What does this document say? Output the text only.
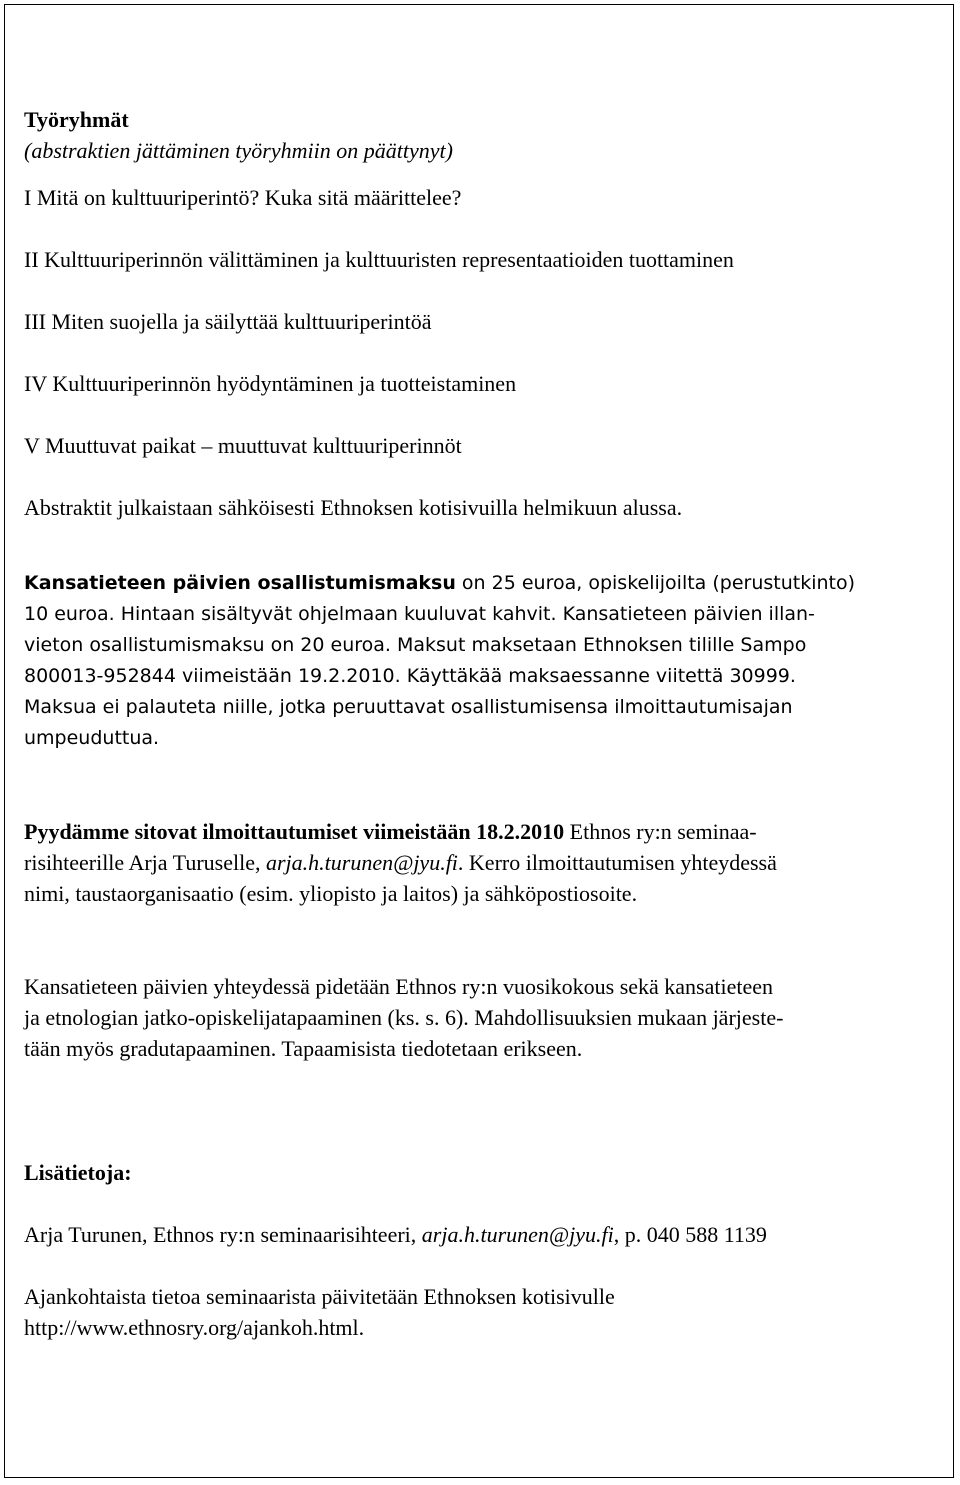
Työryhmät

(abstraktien jättäminen työryhmiin on päättynyt)

I Mitä on kulttuuriperintö? Kuka sitä määrittelee?

II Kulttuuriperinnön välittäminen ja kulttuuristen representaatioiden tuottaminen

III Miten suojella ja säilyttää kulttuuriperintöä

IV Kulttuuriperinnön hyödyntäminen ja tuotteistaminen

V Muuttuvat paikat – muuttuvat kulttuuriperinnöt

Abstraktit julkaistaan sähköisesti Ethnoksen kotisivuilla helmikuun alussa.

Kansatieteen päivien osallistumismaksu on 25 euroa, opiskelijoilta (perustutkinto)

10 euroa. Hintaan sisältyvät ohjelmaan kuuluvat kahvit. Kansatieteen päivien illan-

vieton osallistumismaksu on 20 euroa. Maksut maksetaan Ethnoksen tilille Sampo

800013-952844 viimeistään 19.2.2010. Käyttäkää maksaessanne viitettä 30999.

Maksua ei palauteta niille, jotka peruuttavat osallistumisensa ilmoittautumisajan

umpeuduttua.

Pyydämme sitovat ilmoittautumiset viimeistään 18.2.2010 Ethnos ry:n seminaa-

risihteerille Arja Turuselle, arja.h.turunen@jyu.fi. Kerro ilmoittautumisen yhteydessä

nimi, taustaorganisaatio (esim. yliopisto ja laitos) ja sähköpostiosoite.

Kansatieteen päivien yhteydessä pidetään Ethnos ry:n vuosikokous sekä kansatieteen

ja etnologian jatko-opiskelijatapaaminen (ks. s. 6). Mahdollisuuksien mukaan järjeste-

tään myös gradutapaaminen. Tapaamisista tiedotetaan erikseen.

Lisätietoja:

Arja Turunen, Ethnos ry:n seminaarisihteeri, arja.h.turunen@jyu.fi, p. 040 588 1139

Ajankohtaista tietoa seminaarista päivitetään Ethnoksen kotisivulle

http://www.ethnosry.org/ajankoh.html.
